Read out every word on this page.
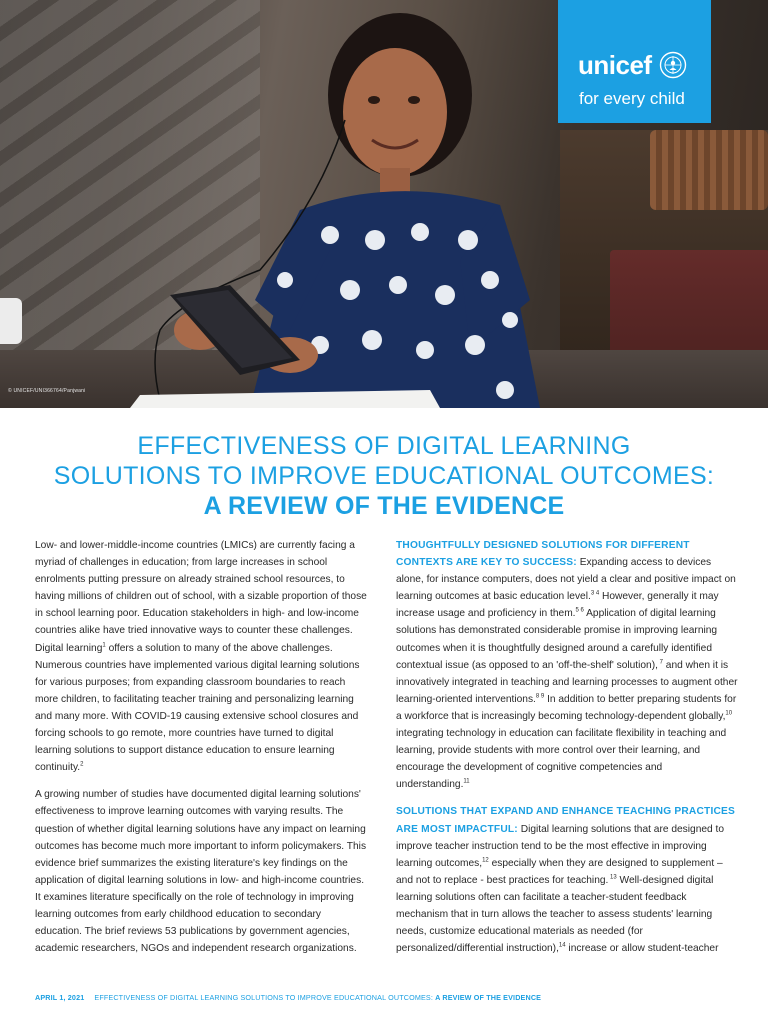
© UNICEF/UNI366764/Panjwani
unicef
for every child
EFFECTIVENESS OF DIGITAL LEARNING
SOLUTIONS TO IMPROVE EDUCATIONAL OUTCOMES:
A REVIEW OF THE EVIDENCE

Low- and lower-middle-income countries (LMICs) are currently facing a myriad of challenges in education; from large increases in school enrolments putting pressure on already strained school resources, to having millions of children out of school, with a sizable proportion of those in school learning poor. Education stakeholders in high- and low-income countries alike have tried innovative ways to counter these challenges. Digital learning$^1$ offers a solution to many of the above challenges. Numerous countries have implemented various digital learning solutions for various purposes; from expanding classroom boundaries to reach more children, to facilitating teacher training and personalizing learning and many more. With COVID-19 causing extensive school closures and forcing schools to go remote, more countries have turned to digital learning solutions to support distance education to ensure learning continuity.$^2$

A growing number of studies have documented digital learning solutions' effectiveness to improve learning outcomes with varying results. The question of whether digital learning solutions have any impact on learning outcomes has become much more important to inform policymakers. This evidence brief summarizes the existing literature's key findings on the application of digital learning solutions in low- and high-income countries. It examines literature specifically on the role of technology in improving learning outcomes from early childhood education to secondary education. The brief reviews 53 publications by government agencies, academic researchers, NGOs and independent research organizations.

THOUGHTFULLY DESIGNED SOLUTIONS FOR DIFFERENT CONTEXTS ARE KEY TO SUCCESS: Expanding access to devices alone, for instance computers, does not yield a clear and positive impact on learning outcomes at basic education level.$^{3 4}$ However, generally it may increase usage and proficiency in them.$^{5 6}$ Application of digital learning solutions has demonstrated considerable promise in improving learning outcomes when it is thoughtfully designed around a carefully identified contextual issue (as opposed to an 'off-the-shelf' solution), $^7$ and when it is innovatively integrated in teaching and learning processes to augment other learning-oriented interventions.$^{8 9}$ In addition to better preparing students for a workforce that is increasingly becoming technology-dependent globally,$^{10}$ integrating technology in education can facilitate flexibility in teaching and learning, provide students with more control over their learning, and encourage the development of cognitive competencies and understanding.$^{11}$

SOLUTIONS THAT EXPAND AND ENHANCE TEACHING PRACTICES ARE MOST IMPACTFUL: Digital learning solutions that are designed to improve teacher instruction tend to be the most effective in improving learning outcomes,$^{12}$ especially when they are designed to supplement – and not to replace - best practices for teaching. $^{13}$ Well-designed digital learning solutions often can facilitate a teacher-student feedback mechanism that in turn allows the teacher to assess students' learning needs, customize educational materials as needed (for personalized/differential instruction),$^{14}$ increase or allow student-teacher

APRIL 1, 2021 EFFECTIVENESS OF DIGITAL LEARNING SOLUTIONS TO IMPROVE EDUCATIONAL OUTCOMES: A REVIEW OF THE EVIDENCE
